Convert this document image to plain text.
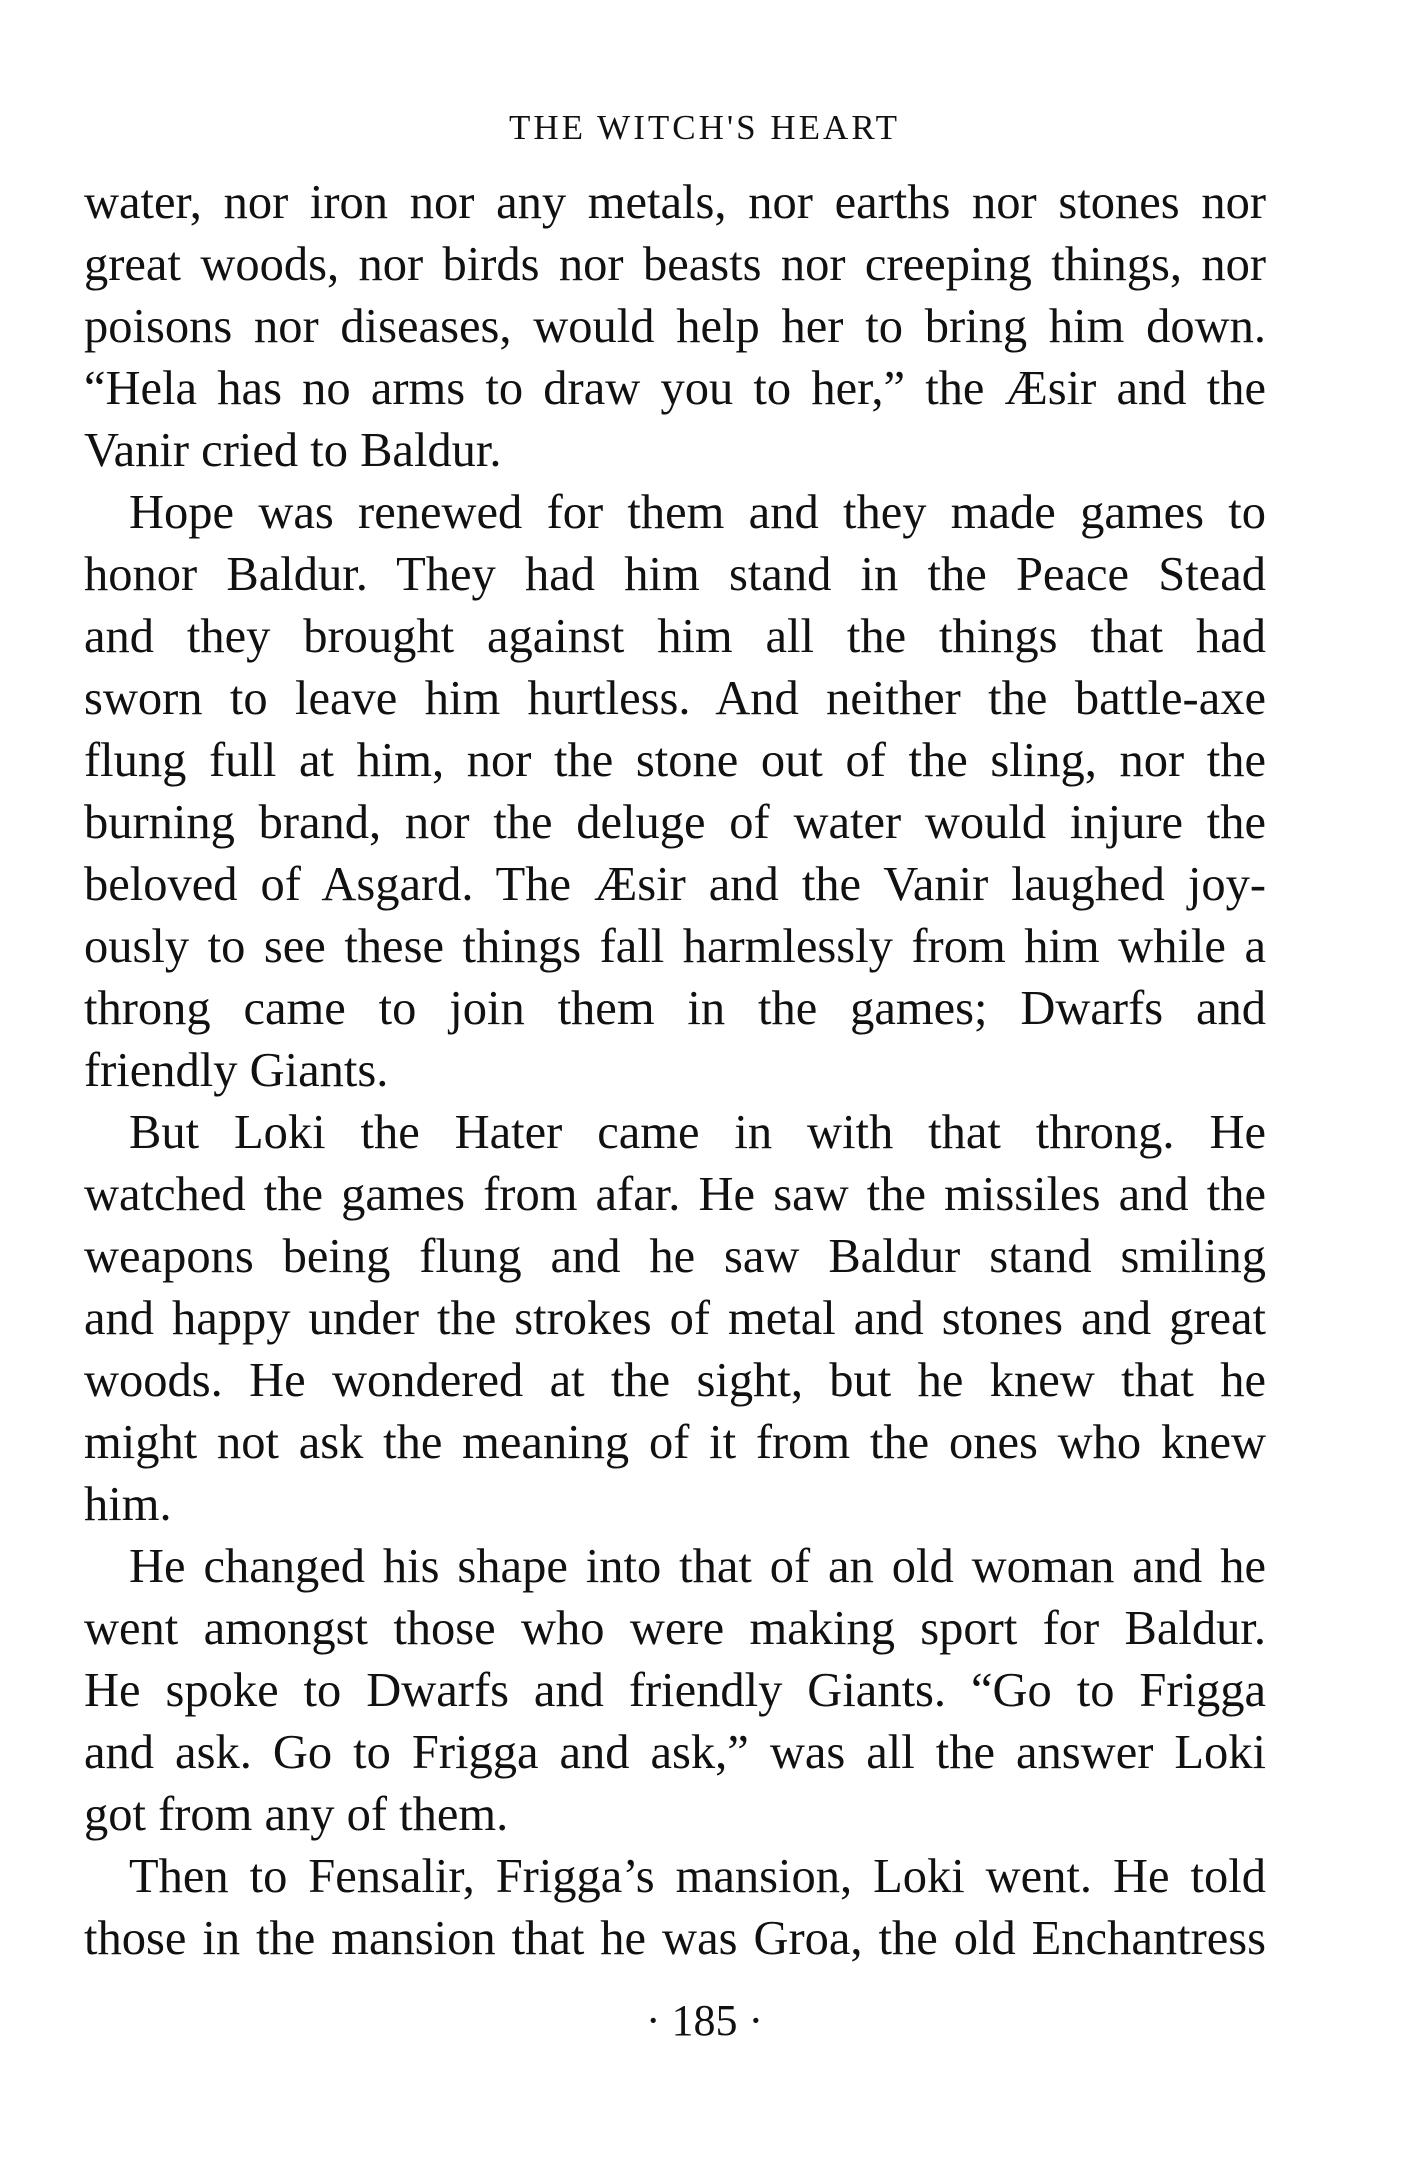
THE WITCH'S HEART
water, nor iron nor any metals, nor earths nor stones nor
great woods, nor birds nor beasts nor creeping things, nor
poisons nor diseases, would help her to bring him down.
“Hela has no arms to draw you to her,” the Æsir and the
Vanir cried to Baldur.
Hope was renewed for them and they made games to
honor Baldur. They had him stand in the Peace Stead
and they brought against him all the things that had
sworn to leave him hurtless. And neither the battle-axe
flung full at him, nor the stone out of the sling, nor the
burning brand, nor the deluge of water would injure the
beloved of Asgard. The Æsir and the Vanir laughed joy-
ously to see these things fall harmlessly from him while a
throng came to join them in the games; Dwarfs and
friendly Giants.
But Loki the Hater came in with that throng. He
watched the games from afar. He saw the missiles and the
weapons being flung and he saw Baldur stand smiling
and happy under the strokes of metal and stones and great
woods. He wondered at the sight, but he knew that he
might not ask the meaning of it from the ones who knew
him.
He changed his shape into that of an old woman and he
went amongst those who were making sport for Baldur.
He spoke to Dwarfs and friendly Giants. “Go to Frigga
and ask. Go to Frigga and ask,” was all the answer Loki
got from any of them.
Then to Fensalir, Frigga’s mansion, Loki went. He told
those in the mansion that he was Groa, the old Enchantress
· 185 ·
